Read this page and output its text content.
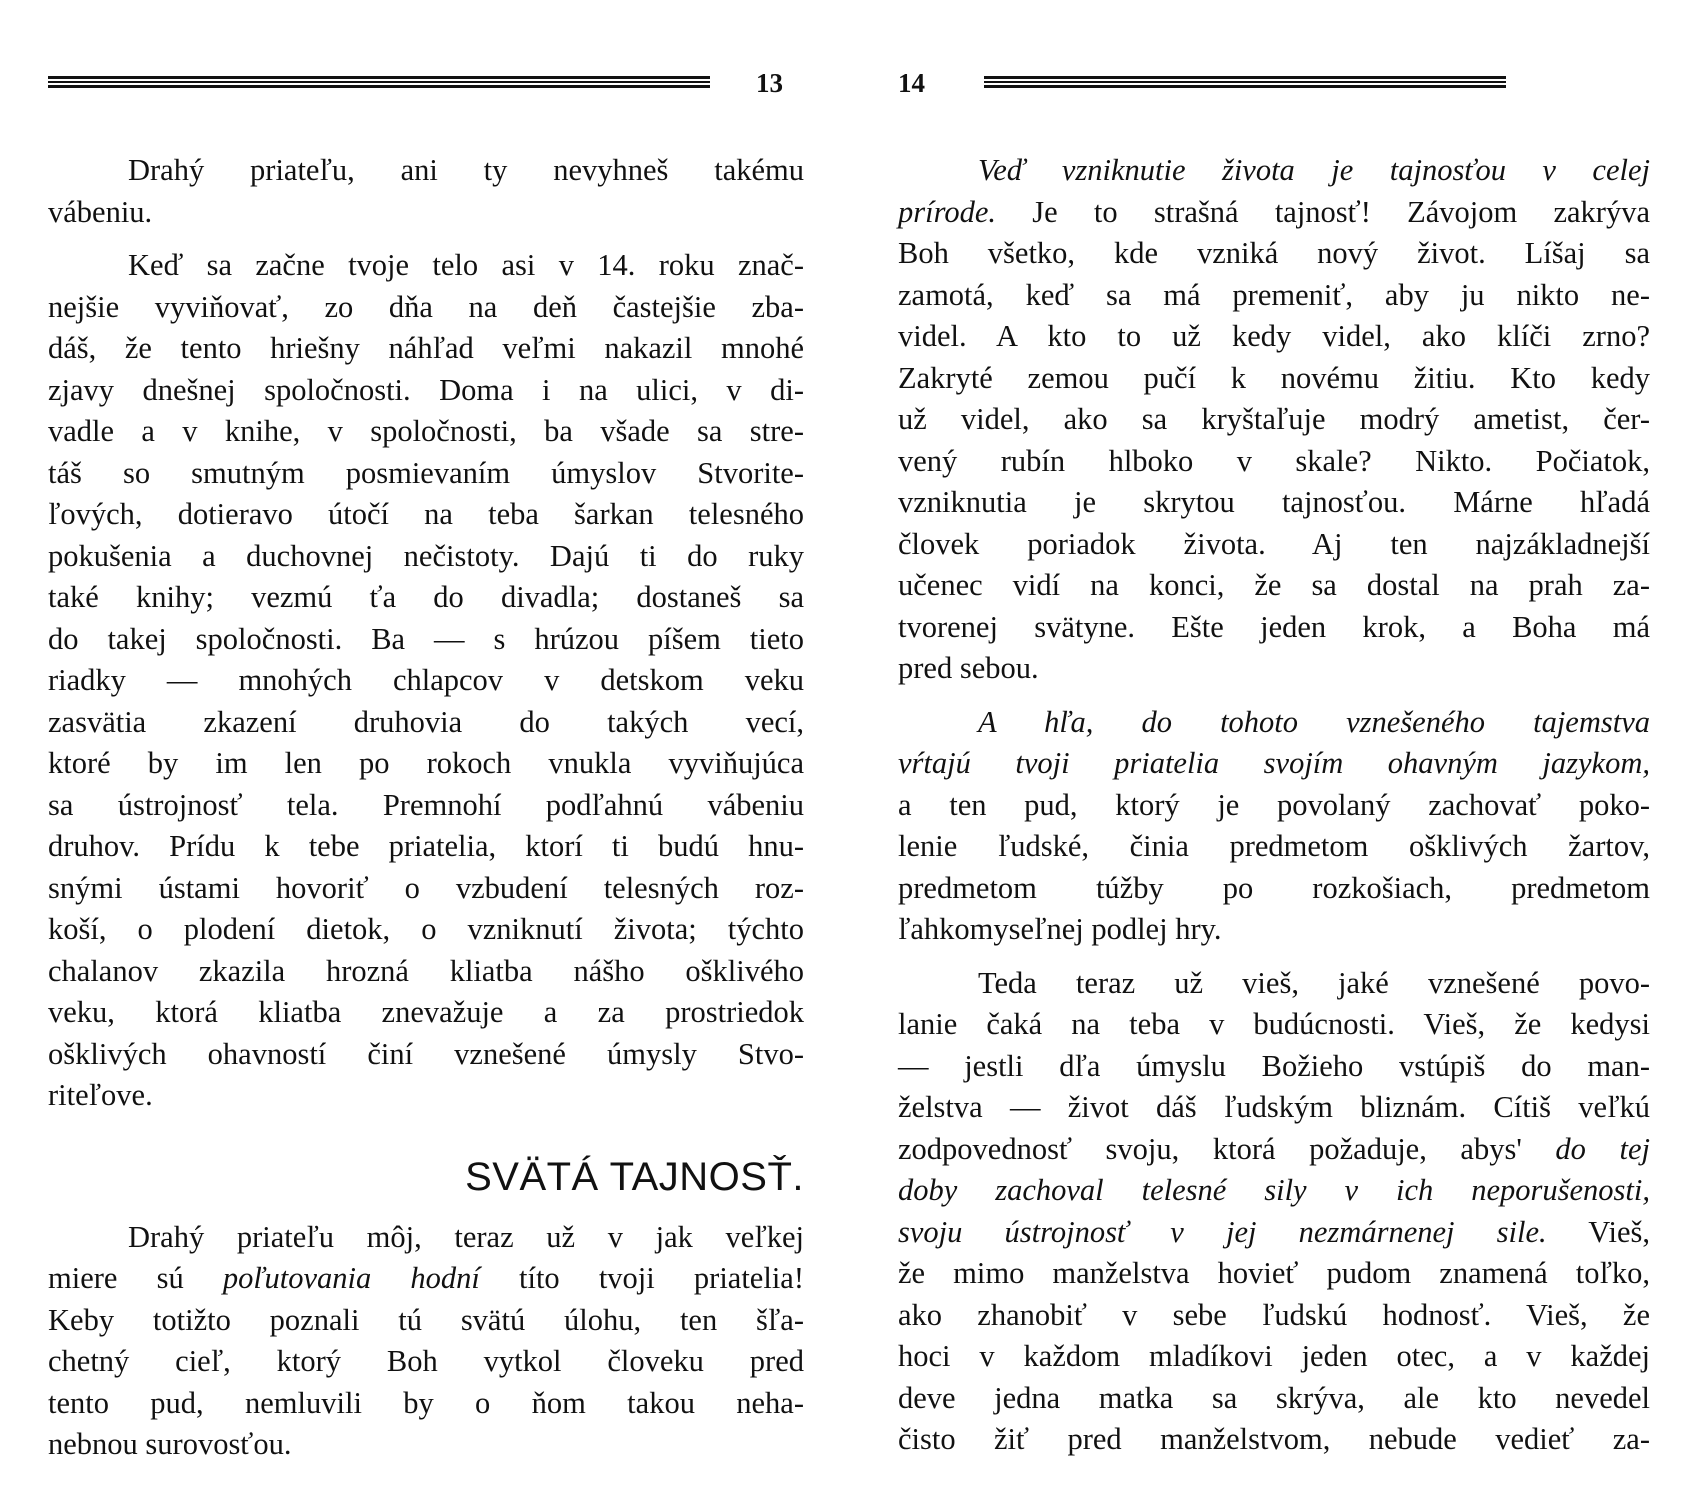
13
Drahý priateľu, ani ty nevyhneš takému
vábeniu.
Keď sa začne tvoje telo asi v 14. roku znač-
nejšie vyviňovať, zo dňa na deň častejšie zba-
dáš, že tento hriešny náhľad veľmi nakazil mnohé
zjavy dnešnej spoločnosti. Doma i na ulici, v di-
vadle a v knihe, v spoločnosti, ba všade sa stre-
táš so smutným posmievaním úmyslov Stvorite-
ľových, dotieravo útočí na teba šarkan telesného
pokušenia a duchovnej nečistoty. Dajú ti do ruky
také knihy; vezmú ťa do divadla; dostaneš sa
do takej spoločnosti. Ba — s hrúzou píšem tieto
riadky — mnohých chlapcov v detskom veku
zasvätia zkazení druhovia do takých vecí,
ktoré by im len po rokoch vnukla vyviňujúca
sa ústrojnosť tela. Premnohí podľahnú vábeniu
druhov. Prídu k tebe priatelia, ktorí ti budú hnu-
snými ústami hovoriť o vzbudení telesných roz-
koší, o plodení dietok, o vzniknutí života; týchto
chalanov zkazila hrozná kliatba nášho ošklivého
veku, ktorá kliatba znevažuje a za prostriedok
ošklivých ohavností činí vznešené úmysly Stvo-
riteľove.
SVÄTÁ TAJNOSŤ.
Drahý priateľu môj, teraz už v jak veľkej
miere sú poľutovania hodní títo tvoji priatelia!
Keby totižto poznali tú svätú úlohu, ten šľa-
chetný cieľ, ktorý Boh vytkol človeku pred
tento pud, nemluvili by o ňom takou neha-
nebnou surovosťou.
14
Veď vzniknutie života je tajnosťou v celej
prírode. Je to strašná tajnosť! Závojom zakrýva
Boh všetko, kde vzniká nový život. Líšaj sa
zamotá, keď sa má premeniť, aby ju nikto ne-
videl. A kto to už kedy videl, ako klíči zrno?
Zakryté zemou pučí k novému žitiu. Kto kedy
už videl, ako sa kryštaľuje modrý ametist, čer-
vený rubín hlboko v skale? Nikto. Počiatok,
vzniknutia je skrytou tajnosťou. Márne hľadá
človek poriadok života. Aj ten najzákladnejší
učenec vidí na konci, že sa dostal na prah za-
tvorenej svätyne. Ešte jeden krok, a Boha má
pred sebou.
A hľa, do tohoto vznešeného tajemstva
vŕtajú tvoji priatelia svojím ohavným jazykom,
a ten pud, ktorý je povolaný zachovať poko-
lenie ľudské, činia predmetom ošklivých žartov,
predmetom túžby po rozkošiach, predmetom
ľahkomyseľnej podlej hry.
Teda teraz už vieš, jaké vznešené povo-
lanie čaká na teba v budúcnosti. Vieš, že kedysi
— jestli dľa úmyslu Božieho vstúpiš do man-
želstva — život dáš ľudským bliznám. Cítiš veľkú
zodpovednosť svoju, ktorá požaduje, abys' do tej
doby zachoval telesné sily v ich neporušenosti,
svoju ústrojnosť v jej nezmárnenej sile. Vieš,
že mimo manželstva hovieť pudom znamená toľko,
ako zhanobiť v sebe ľudskú hodnosť. Vieš, že
hoci v každom mladíkovi jeden otec, a v každej
deve jedna matka sa skrýva, ale kto nevedel
čisto žiť pred manželstvom, nebude vedieť za-
